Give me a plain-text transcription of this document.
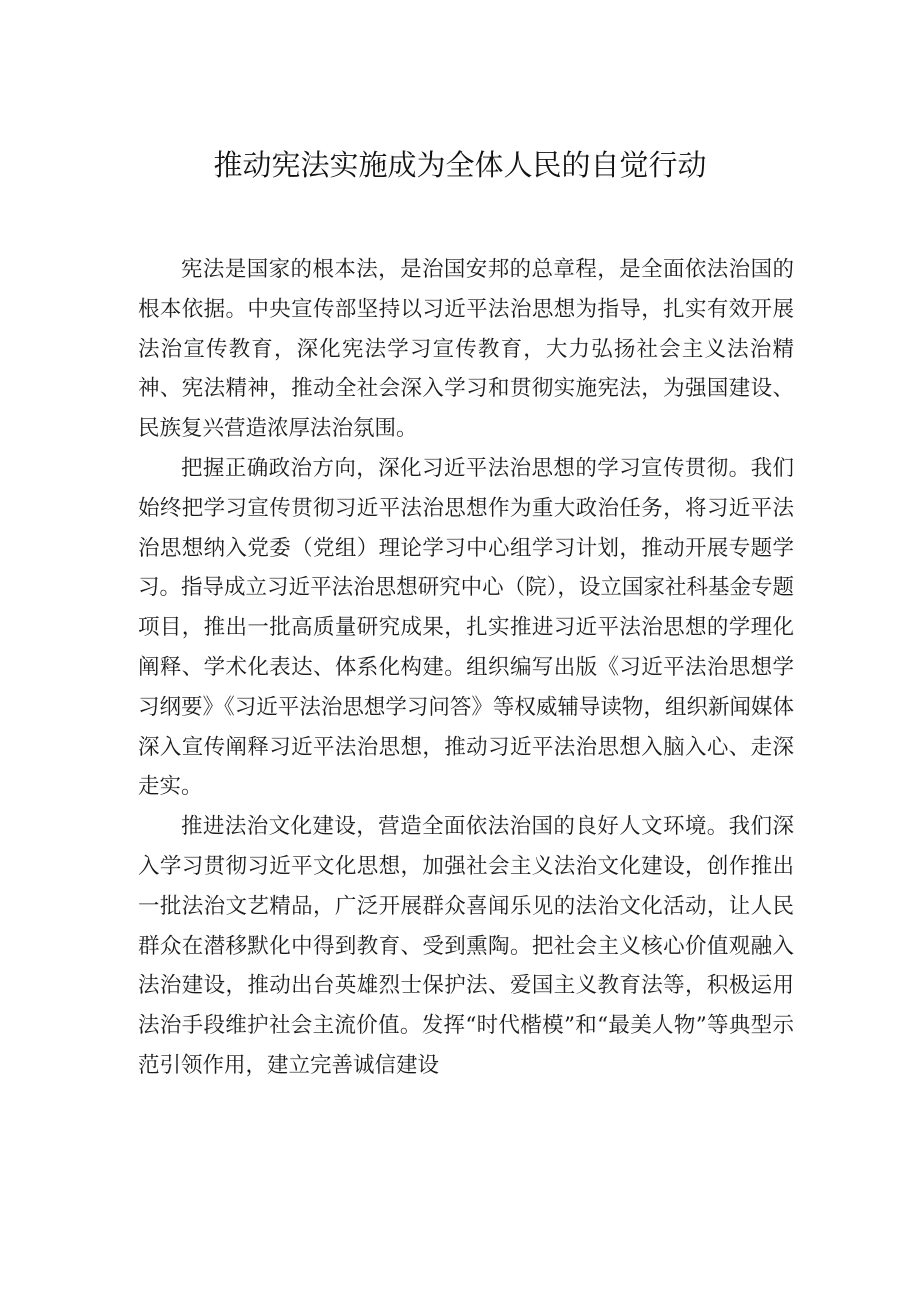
推动宪法实施成为全体人民的自觉行动

宪法是国家的根本法，是治国安邦的总章程，是全面依法治国的根本依据。中央宣传部坚持以习近平法治思想为指导，扎实有效开展法治宣传教育，深化宪法学习宣传教育，大力弘扬社会主义法治精神、宪法精神，推动全社会深入学习和贯彻实施宪法，为强国建设、民族复兴营造浓厚法治氛围。

把握正确政治方向，深化习近平法治思想的学习宣传贯彻。我们始终把学习宣传贯彻习近平法治思想作为重大政治任务，将习近平法治思想纳入党委（党组）理论学习中心组学习计划，推动开展专题学习。指导成立习近平法治思想研究中心（院），设立国家社科基金专题项目，推出一批高质量研究成果，扎实推进习近平法治思想的学理化阐释、学术化表达、体系化构建。组织编写出版《习近平法治思想学习纲要》《习近平法治思想学习问答》等权威辅导读物，组织新闻媒体深入宣传阐释习近平法治思想，推动习近平法治思想入脑入心、走深走实。

推进法治文化建设，营造全面依法治国的良好人文环境。我们深入学习贯彻习近平文化思想，加强社会主义法治文化建设，创作推出一批法治文艺精品，广泛开展群众喜闻乐见的法治文化活动，让人民群众在潜移默化中得到教育、受到熏陶。把社会主义核心价值观融入法治建设，推动出台英雄烈士保护法、爱国主义教育法等，积极运用法治手段维护社会主流价值。发挥“时代楷模”和“最美人物”等典型示范引领作用，建立完善诚信建设
